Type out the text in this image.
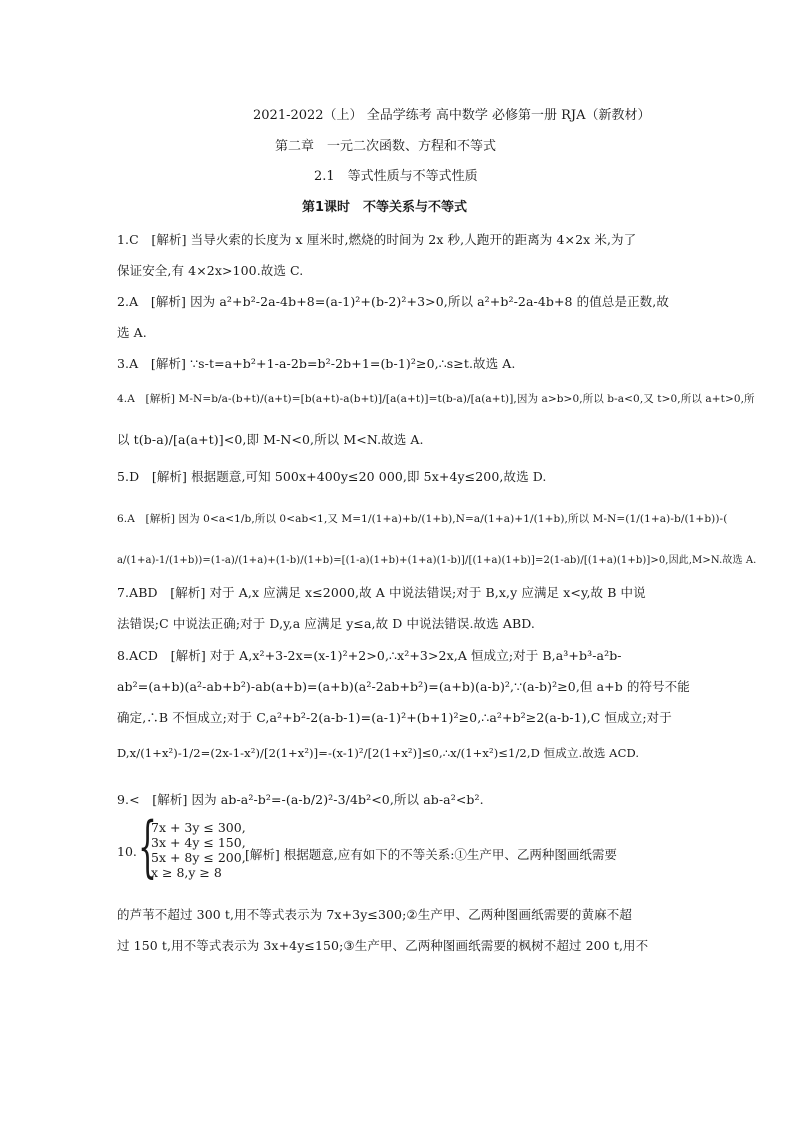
2021-2022（上） 全品学练考 高中数学 必修第一册 RJA（新教材）
第二章　一元二次函数、方程和不等式
2.1　等式性质与不等式性质
第1课时　不等关系与不等式
1.C　[解析] 当导火索的长度为 x 厘米时,燃烧的时间为 2x 秒,人跑开的距离为 4×2x 米,为了
保证安全,有 4×2x>100.故选 C.
2.A　[解析] 因为 a²+b²-2a-4b+8=(a-1)²+(b-2)²+3>0,所以 a²+b²-2a-4b+8 的值总是正数,故
选 A.
3.A　[解析] ∵s-t=a+b²+1-a-2b=b²-2b+1=(b-1)²≥0,∴s≥t.故选 A.
4.A　[解析] M-N=b/a-(b+t)/(a+t)=[b(a+t)-a(b+t)]/[a(a+t)]=t(b-a)/[a(a+t)],因为 a>b>0,所以 b-a<0,又 t>0,所以 a+t>0,所
以 t(b-a)/[a(a+t)]<0,即 M-N<0,所以 M<N.故选 A.
5.D　[解析] 根据题意,可知 500x+400y≤20 000,即 5x+4y≤200,故选 D.
6.A　[解析] 因为 0<a<1/b,所以 0<ab<1,又 M=1/(1+a)+b/(1+b),N=a/(1+a)+1/(1+b),所以 M-N=(1/(1+a)-b/(1+b))-(
a/(1+a)-1/(1+b))=(1-a)/(1+a)+(1-b)/(1+b)=[(1-a)(1+b)+(1+a)(1-b)]/[(1+a)(1+b)]=2(1-ab)/[(1+a)(1+b)]>0,因此,M>N.故选 A.
7.ABD　[解析] 对于 A,x 应满足 x≤2000,故 A 中说法错误;对于 B,x,y 应满足 x<y,故 B 中说
法错误;C 中说法正确;对于 D,y,a 应满足 y≤a,故 D 中说法错误.故选 ABD.
8.ACD　[解析] 对于 A,x²+3-2x=(x-1)²+2>0,∴x²+3>2x,A 恒成立;对于 B,a³+b³-a²b-
ab²=(a+b)(a²-ab+b²)-ab(a+b)=(a+b)(a²-2ab+b²)=(a+b)(a-b)²,∵(a-b)²≥0,但 a+b 的符号不能
确定,∴B 不恒成立;对于 C,a²+b²-2(a-b-1)=(a-1)²+(b+1)²≥0,∴a²+b²≥2(a-b-1),C 恒成立;对于
D,x/(1+x²)-1/2=(2x-1-x²)/[2(1+x²)]=-(x-1)²/[2(1+x²)]≤0,∴x/(1+x²)≤1/2,D 恒成立.故选 ACD.
9.<　[解析] 因为 ab-a²-b²=-(a-b/2)²-3/4b²<0,所以 ab-a²<b².
10. {
7x + 3y ≤ 300,
3x + 4y ≤ 150,
5x + 8y ≤ 200,
x ≥ 8,y ≥ 8
[解析] 根据题意,应有如下的不等关系:①生产甲、乙两种图画纸需要
的芦苇不超过 300 t,用不等式表示为 7x+3y≤300;②生产甲、乙两种图画纸需要的黄麻不超
过 150 t,用不等式表示为 3x+4y≤150;③生产甲、乙两种图画纸需要的枫树不超过 200 t,用不
